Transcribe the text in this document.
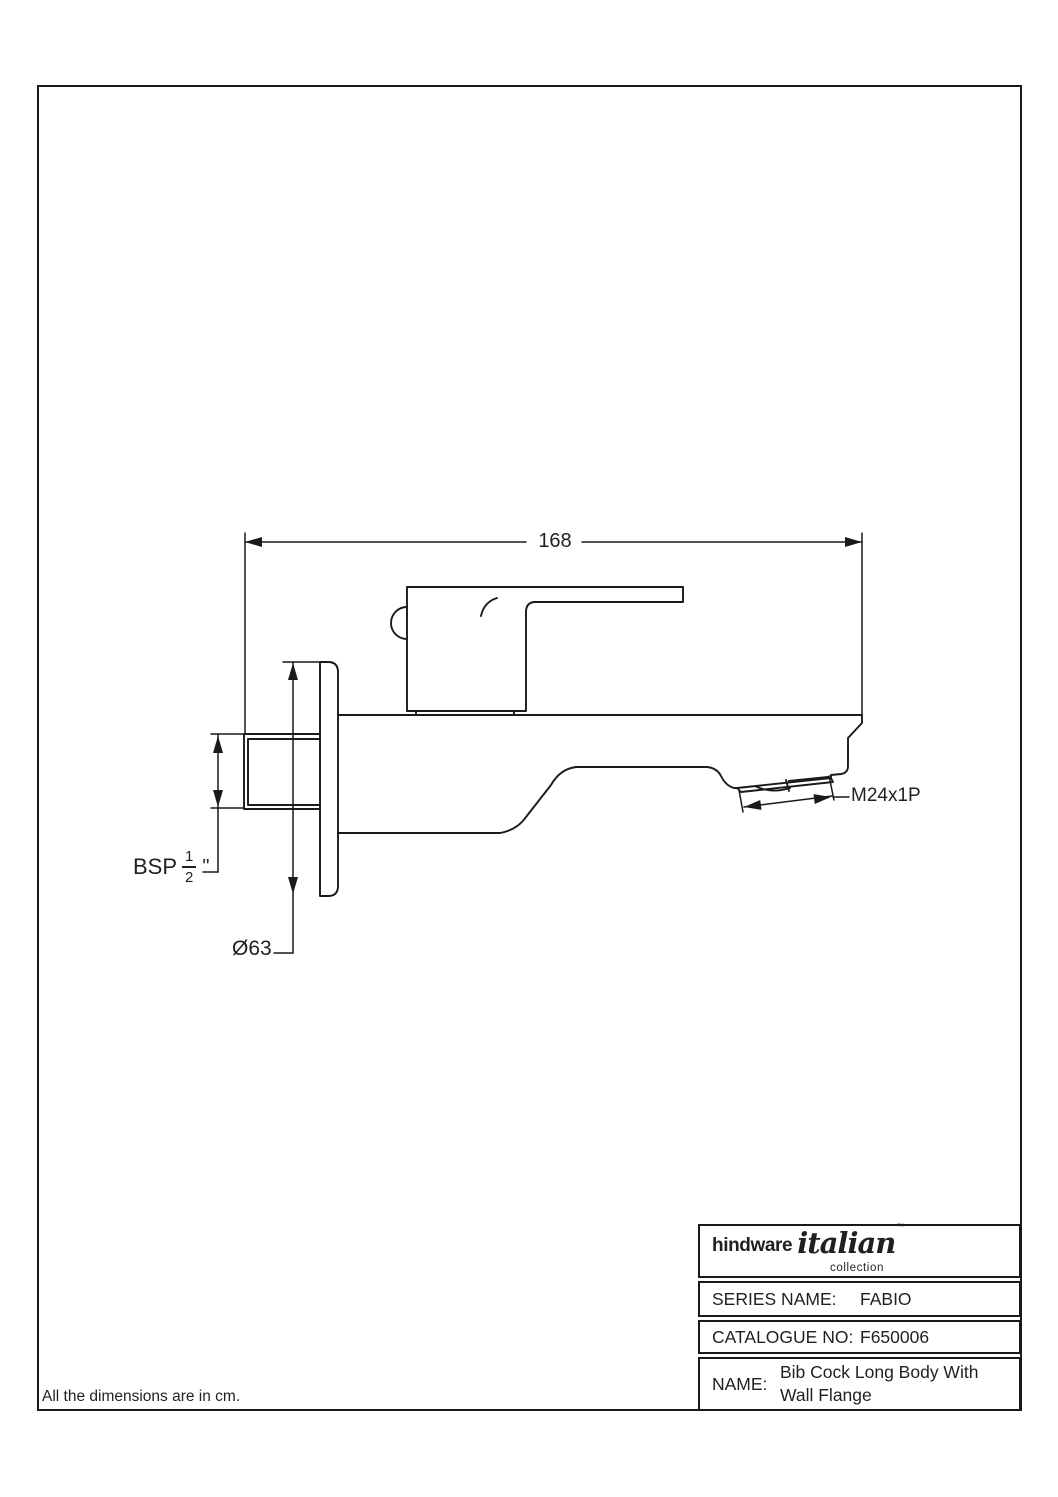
168
BSP $\frac{1}{2}$ "
Ø63
M24x1P
All the dimensions are in cm.
hindware italian ™
collection
SERIES NAME:	FABIO
CATALOGUE NO: F650006
NAME:
Bib Cock Long Body With Wall Flange
